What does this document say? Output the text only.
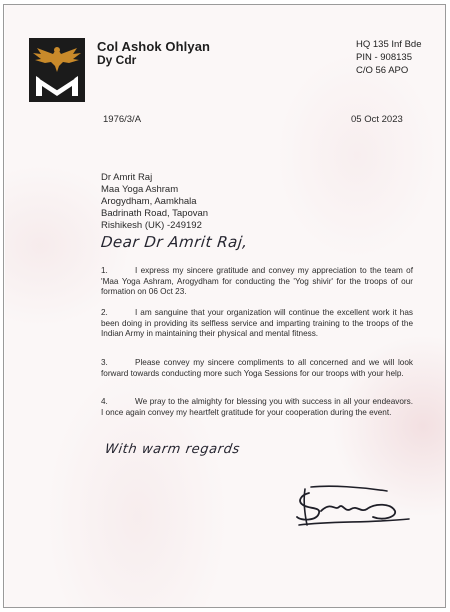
Col Ashok Ohlyan
Dy Cdr
HQ 135 Inf Bde
PIN - 908135
C/O 56 APO
1976/3/A	05 Oct 2023
Dr Amrit Raj
Maa Yoga Ashram
Arogydham, Aamkhala
Badrinath Road, Tapovan
Rishikesh (UK) -249192
Dear Dr Amrit Raj,
1.	I express my sincere gratitude and convey my appreciation to the team of 'Maa Yoga Ashram, Arogydham for conducting the 'Yog shivir' for the troops of our formation on 06 Oct 23.
2.	I am sanguine that your organization will continue the excellent work it has been doing in providing its selfless service and imparting training to the troops of the Indian Army in maintaining their physical and mental fitness.
3.	Please convey my sincere compliments to all concerned and we will look forward towards conducting more such Yoga Sessions for our troops with your help.
4.	We pray to the almighty for blessing you with success in all your endeavors. I once again convey my heartfelt gratitude for your cooperation during the event.
With warm regards
